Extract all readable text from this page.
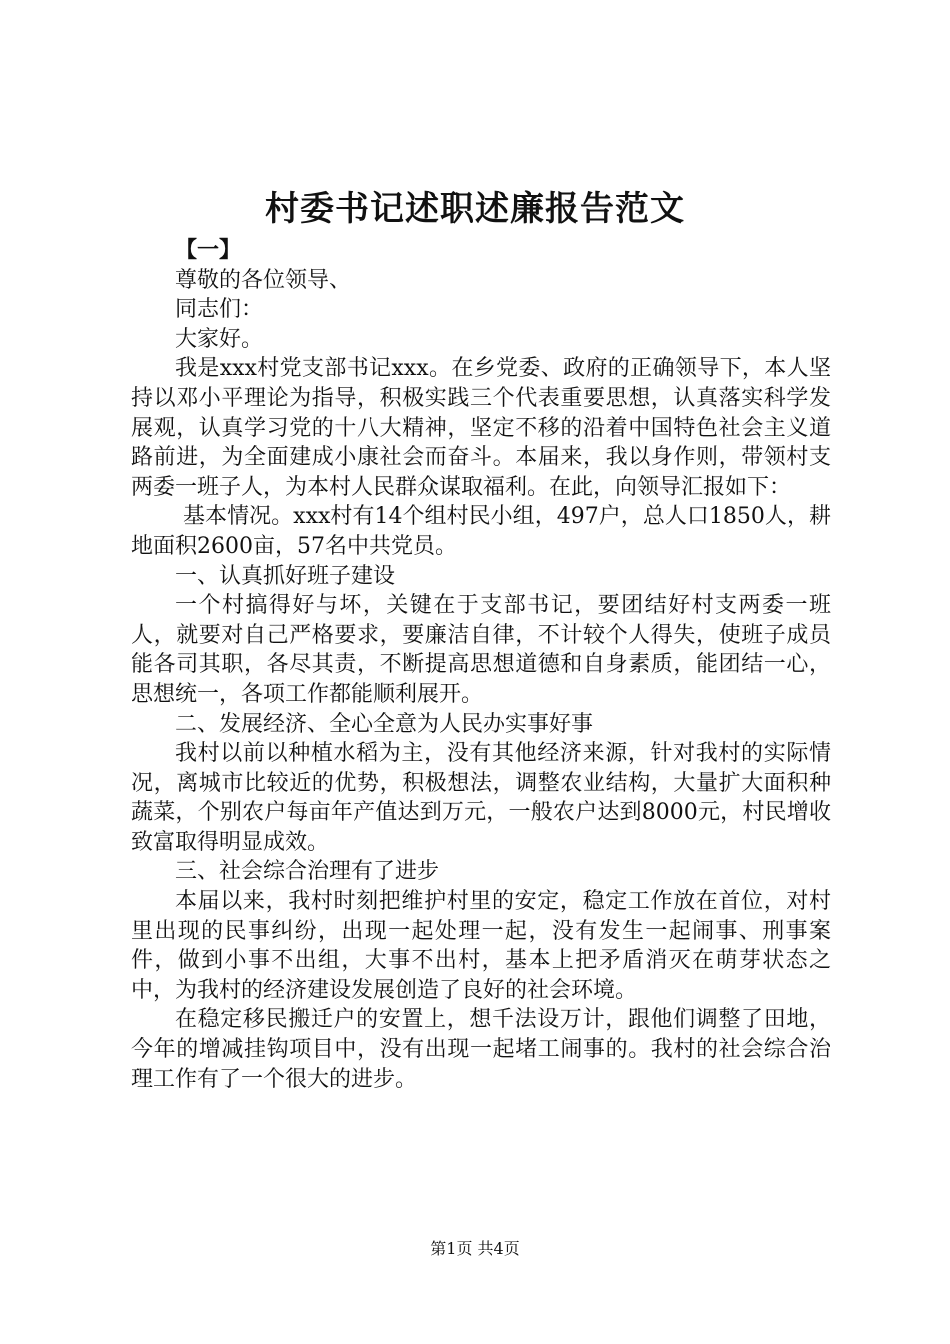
村委书记述职述廉报告范文

【一】

尊敬的各位领导、

同志们：

大家好。

我是xxx村党支部书记xxx。在乡党委、政府的正确领导下，本人坚持以邓小平理论为指导，积极实践三个代表重要思想，认真落实科学发展观，认真学习党的十八大精神，坚定不移的沿着中国特色社会主义道路前进，为全面建成小康社会而奋斗。本届来，我以身作则，带领村支两委一班子人，为本村人民群众谋取福利。在此，向领导汇报如下：

基本情况。xxx村有14个组村民小组，497户，总人口1850人，耕地面积2600亩，57名中共党员。

一、认真抓好班子建设

一个村搞得好与坏，关键在于支部书记，要团结好村支两委一班人，就要对自己严格要求，要廉洁自律，不计较个人得失，使班子成员能各司其职，各尽其责，不断提高思想道德和自身素质，能团结一心，思想统一，各项工作都能顺利展开。

二、发展经济、全心全意为人民办实事好事

我村以前以种植水稻为主，没有其他经济来源，针对我村的实际情况，离城市比较近的优势，积极想法，调整农业结构，大量扩大面积种蔬菜，个别农户每亩年产值达到万元，一般农户达到8000元，村民增收致富取得明显成效。

三、社会综合治理有了进步

本届以来，我村时刻把维护村里的安定，稳定工作放在首位，对村里出现的民事纠纷，出现一起处理一起，没有发生一起闹事、刑事案件，做到小事不出组，大事不出村，基本上把矛盾消灭在萌芽状态之中，为我村的经济建设发展创造了良好的社会环境。

在稳定移民搬迁户的安置上，想千法设万计，跟他们调整了田地，今年的增减挂钩项目中，没有出现一起堵工闹事的。我村的社会综合治理工作有了一个很大的进步。

第1页 共4页
